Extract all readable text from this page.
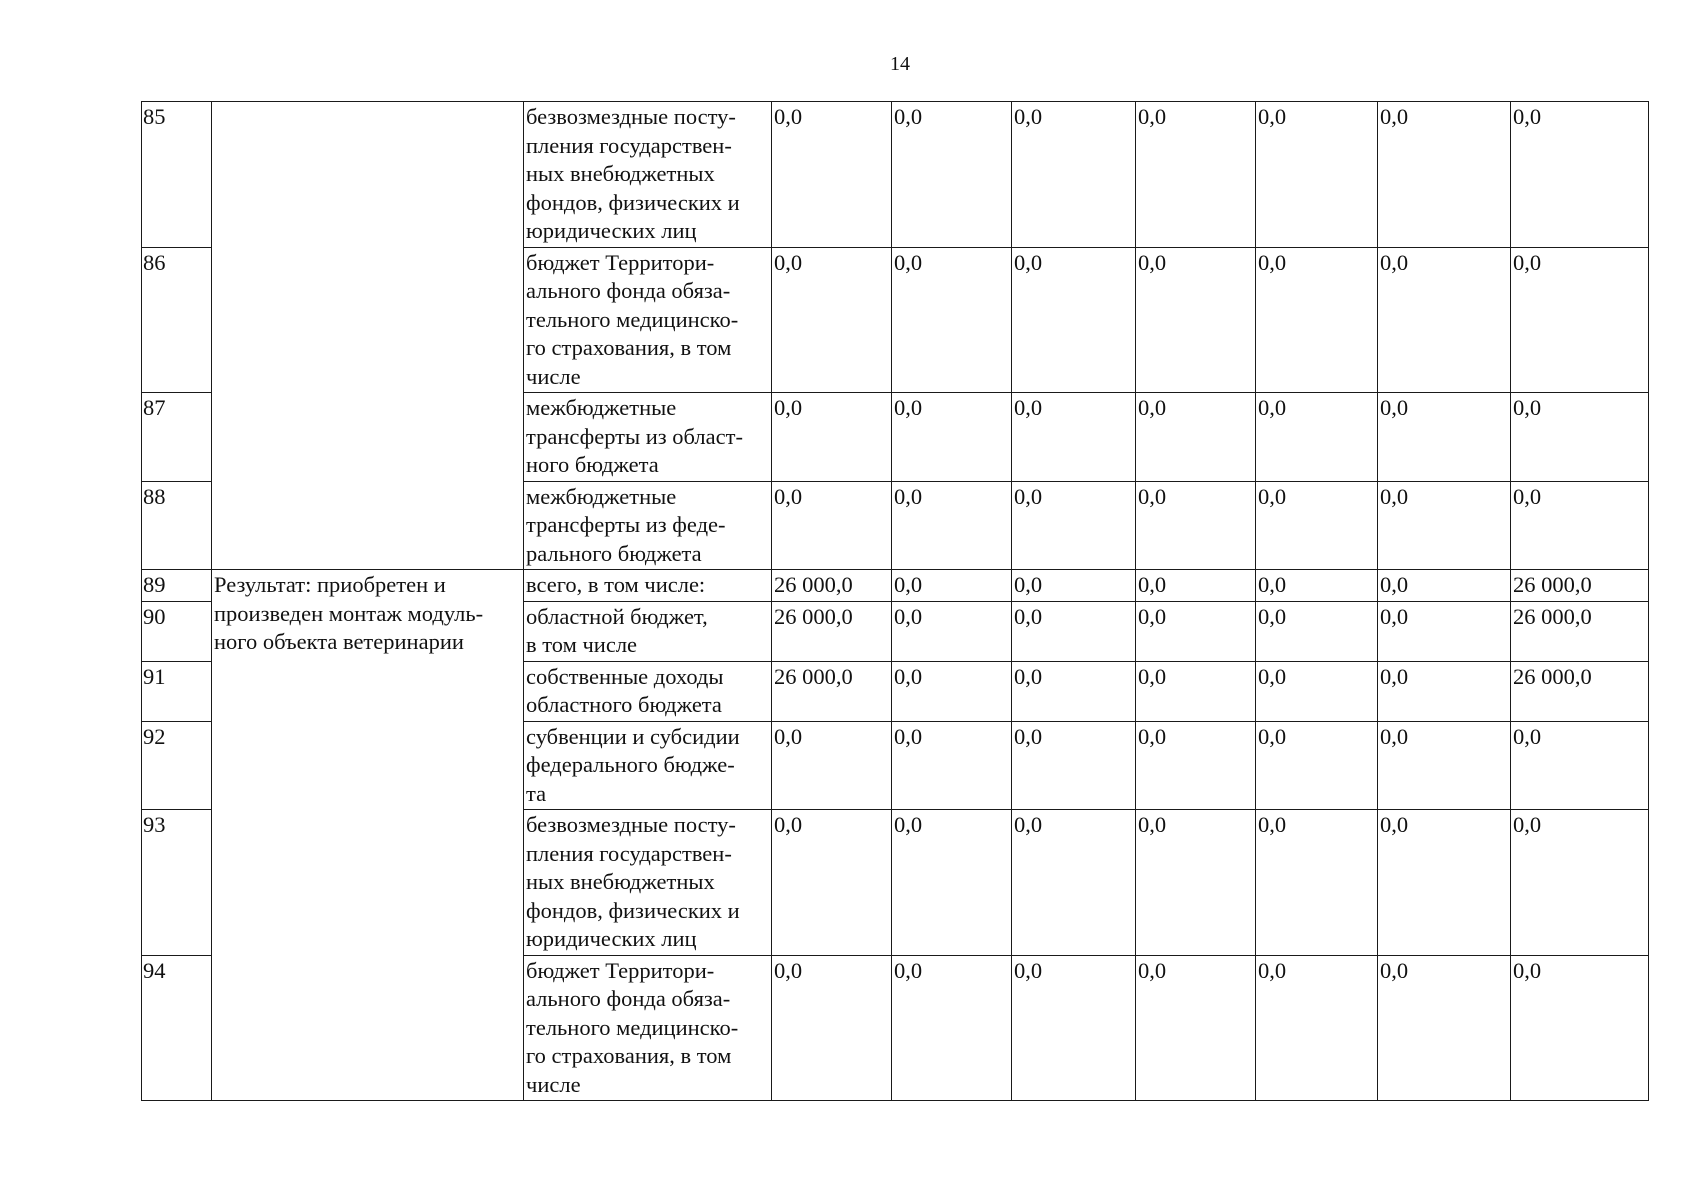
14
85		безвозмездные посту-
пления государствен-
ных внебюджетных
фондов, физических и
юридических лиц	0,0	0,0	0,0	0,0	0,0	0,0	0,0
86		бюджет Территори-
ального фонда обяза-
тельного медицинско-
го страхования, в том
числе	0,0	0,0	0,0	0,0	0,0	0,0	0,0
87		межбюджетные
трансферты из област-
ного бюджета	0,0	0,0	0,0	0,0	0,0	0,0	0,0
88		межбюджетные
трансферты из феде-
рального бюджета	0,0	0,0	0,0	0,0	0,0	0,0	0,0
89	Результат: приобретен и
произведен монтаж модуль-
ного объекта ветеринарии	всего, в том числе:	26 000,0	0,0	0,0	0,0	0,0	0,0	26 000,0
90		областной бюджет,
в том числе	26 000,0	0,0	0,0	0,0	0,0	0,0	26 000,0
91		собственные доходы
областного бюджета	26 000,0	0,0	0,0	0,0	0,0	0,0	26 000,0
92		субвенции и субсидии
федерального бюдже-
та	0,0	0,0	0,0	0,0	0,0	0,0	0,0
93		безвозмездные посту-
пления государствен-
ных внебюджетных
фондов, физических и
юридических лиц	0,0	0,0	0,0	0,0	0,0	0,0	0,0
94		бюджет Территори-
ального фонда обяза-
тельного медицинско-
го страхования, в том
числе	0,0	0,0	0,0	0,0	0,0	0,0	0,0
